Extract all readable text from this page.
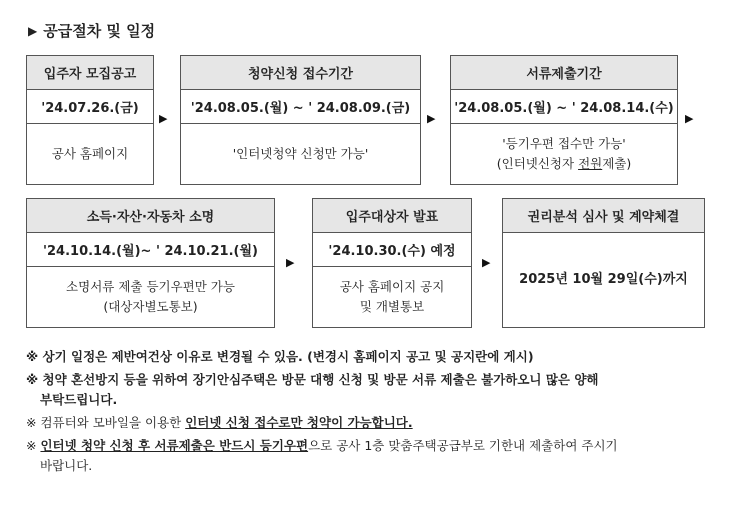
▶ 공급절차 및 일정
입주자 모집공고
'24.07.26.(금)
공사 홈페이지
▶
청약신청 접수기간
'24.08.05.(월) ~ ' 24.08.09.(금)
'인터넷청약 신청만 가능'
▶
서류제출기간
'24.08.05.(월) ~ ' 24.08.14.(수)
'등기우편 접수만 가능'
(인터넷신청자 전원제출)
▶
소득·자산·자동차 소명
'24.10.14.(월)~ ' 24.10.21.(월)
소명서류 제출 등기우편만 가능
(대상자별도통보)
▶
입주대상자 발표
'24.10.30.(수) 예정
공사 홈페이지 공지
및 개별통보
▶
권리분석 심사 및 계약체결
2025년 10월 29일(수)까지

※ 상기 일정은 제반여건상 이유로 변경될 수 있음. (변경시 홈페이지 공고 및 공지란에 게시)

※ 청약 혼선방지 등을 위하여 장기안심주택은 방문 대행 신청 및 방문 서류 제출은 불가하오니 많은 양해
부탁드립니다.

※ 컴퓨터와 모바일을 이용한 인터넷 신청 접수로만 청약이 가능합니다.

※ 인터넷 청약 신청 후 서류제출은 반드시 등기우편으로 공사 1층 맞춤주택공급부로 기한내 제출하여 주시기
바랍니다.
